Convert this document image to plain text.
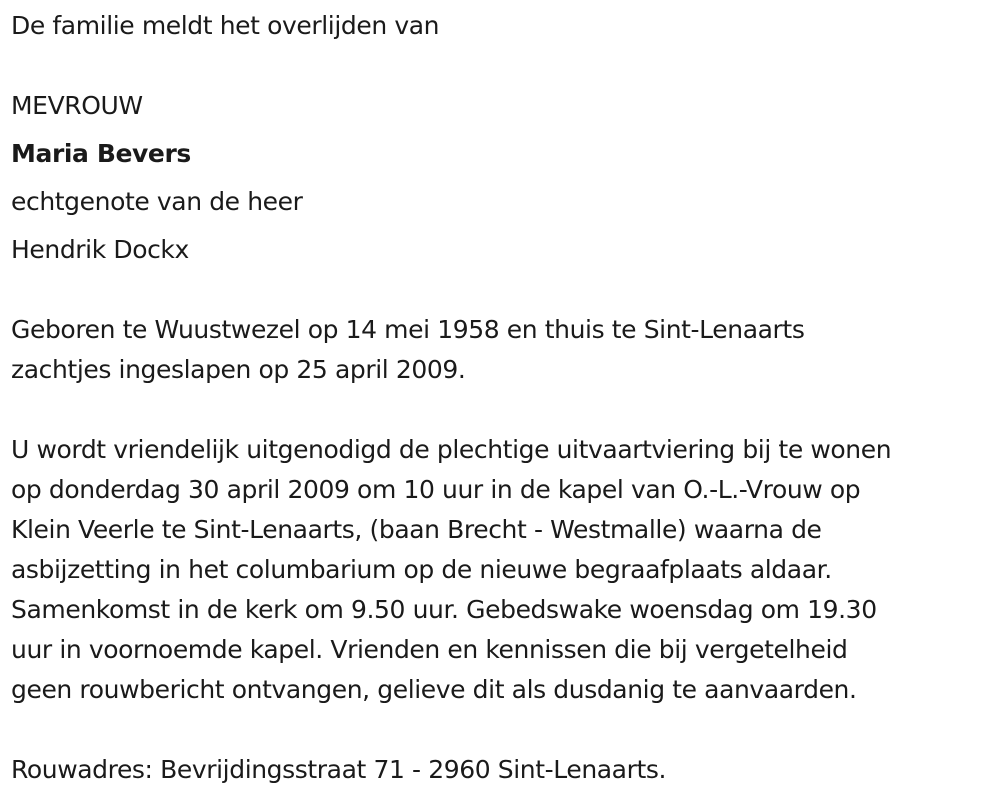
De familie meldt het overlijden van
MEVROUW
Maria Bevers
echtgenote van de heer
Hendrik Dockx
Geboren te Wuustwezel op 14 mei 1958 en thuis te Sint-Lenaarts
zachtjes ingeslapen op 25 april 2009.
U wordt vriendelijk uitgenodigd de plechtige uitvaartviering bij te wonen
op donderdag 30 april 2009 om 10 uur in de kapel van O.-L.-Vrouw op
Klein Veerle te Sint-Lenaarts, (baan Brecht - Westmalle) waarna de
asbijzetting in het columbarium op de nieuwe begraafplaats aldaar.
Samenkomst in de kerk om 9.50 uur. Gebedswake woensdag om 19.30
uur in voornoemde kapel. Vrienden en kennissen die bij vergetelheid
geen rouwbericht ontvangen, gelieve dit als dusdanig te aanvaarden.
Rouwadres: Bevrijdingsstraat 71 - 2960 Sint-Lenaarts.
